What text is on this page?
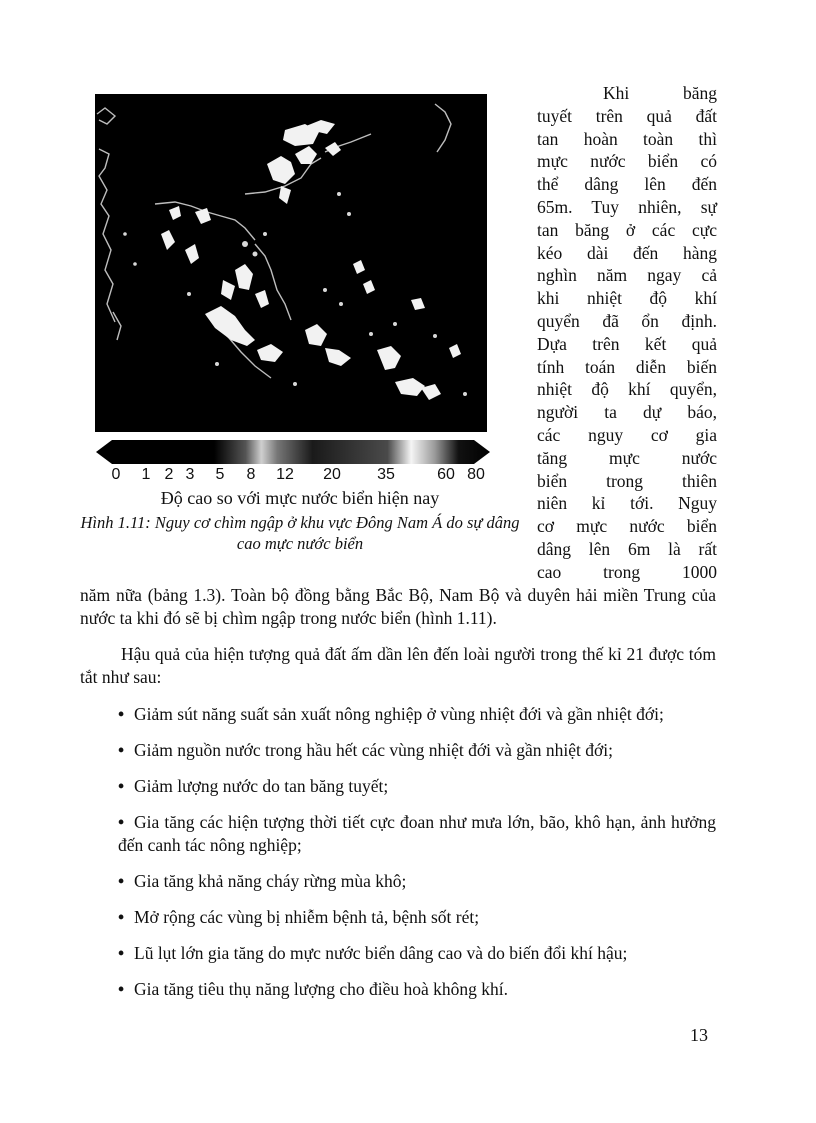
0 1 2 3 5 8 12 20 35	60 80
Độ cao so với mực nước biển hiện nay
Hình 1.11: Nguy cơ chìm ngập ở khu vực Đông Nam Á do sự dâng cao mực nước biển
Khi băng
tuyết trên quả đất
tan hoàn toàn thì
mực nước biển có
thể dâng lên đến
65m. Tuy nhiên, sự
tan băng ở các cực
kéo dài đến hàng
nghìn năm ngay cả
khi nhiệt độ khí
quyển đã ổn định.
Dựa trên kết quả
tính toán diễn biến
nhiệt độ khí quyển,
người ta dự báo,
các nguy cơ gia
tăng mực nước
biển trong thiên
niên kỉ tới. Nguy
cơ mực nước biển
dâng lên 6m là rất
cao trong 1000

năm nữa (bảng 1.3). Toàn bộ đồng bằng Bắc Bộ, Nam Bộ và duyên hải miền Trung của nước ta khi đó sẽ bị chìm ngập trong nước biển (hình 1.11).

Hậu quả của hiện tượng quả đất ấm dần lên đến loài người trong thế kỉ 21 được tóm tắt như sau:

• Giảm sút năng suất sản xuất nông nghiệp ở vùng nhiệt đới và gần nhiệt đới;
• Giảm nguồn nước trong hầu hết các vùng nhiệt đới và gần nhiệt đới;
• Giảm lượng nước do tan băng tuyết;
• Gia tăng các hiện tượng thời tiết cực đoan như mưa lớn, bão, khô hạn, ảnh hưởng đến canh tác nông nghiệp;
• Gia tăng khả năng cháy rừng mùa khô;
• Mở rộng các vùng bị nhiễm bệnh tả, bệnh sốt rét;
• Lũ lụt lớn gia tăng do mực nước biển dâng cao và do biến đổi khí hậu;
• Gia tăng tiêu thụ năng lượng cho điều hoà không khí.
13
